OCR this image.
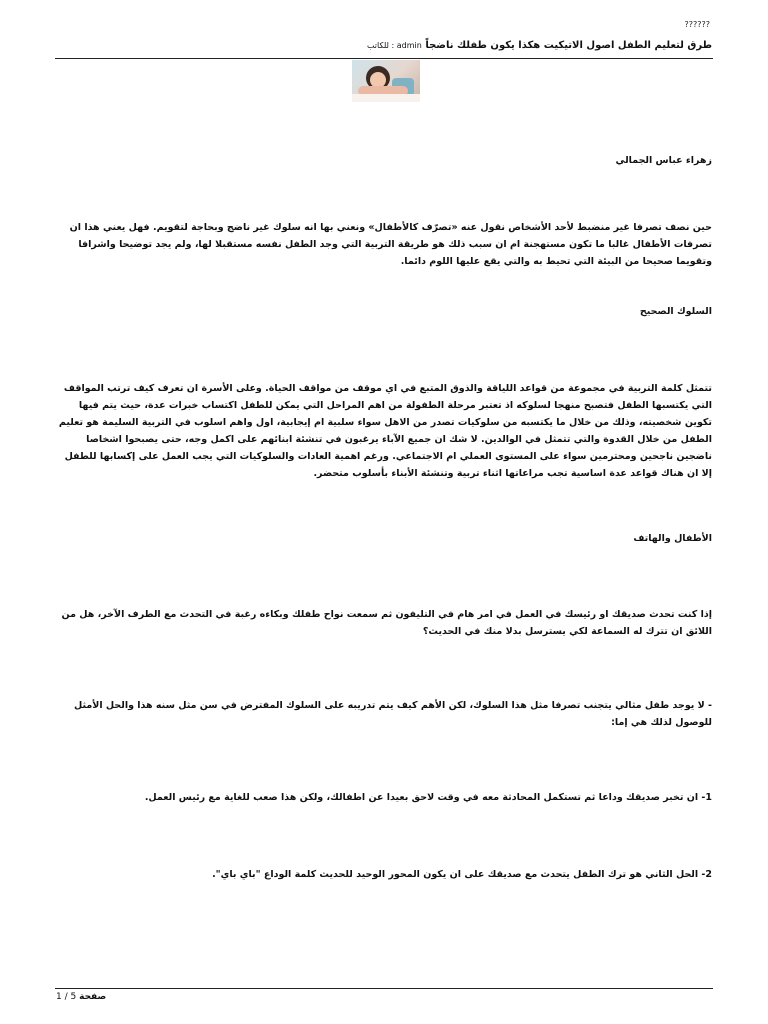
??????
طرق لتعليم الطفل اصول الاتيكيت هكذا يكون طفلك ناضجاً للكاتب : admin
زهراء عباس الجمالي
حين نصف تصرفا غير منضبط لأحد الأشخاص نقول عنه «تصرّف كالأطفال» ونعني بها انه سلوك غير ناضج وبحاجة لتقويم. فهل يعني هذا ان تصرفات الأطفال غالبا ما تكون مستهجنة ام ان سبب ذلك هو طريقة التربية التي وجد الطفل نفسه مستقبلا لها، ولم يجد توضيحا واشرافا وتقويما صحيحا من البيئة التي تحيط به والتي يقع عليها اللوم دائما.
السلوك الصحيح
تتمثل كلمة التربية في مجموعة من قواعد اللياقة والذوق المتبع في اي موقف من مواقف الحياة. وعلى الأسرة ان تعرف كيف ترتب المواقف التي يكتسبها الطفل فتصبح منهجا لسلوكه اذ تعتبر مرحلة الطفولة من اهم المراحل التي يمكن للطفل اكتساب خبرات عدة، حيث يتم فيها تكوين شخصيته، وذلك من خلال ما يكتسبه من سلوكيات تصدر من الاهل سواء سلبية ام إيجابية، اول واهم اسلوب في التربية السليمة هو تعليم الطفل من خلال القدوة والتي تتمثل في الوالدين. لا شك ان جميع الآباء يرغبون في تنشئة ابنائهم على اكمل وجه، حتى يصبحوا اشخاصا ناضجين ناجحين ومحترمين سواء على المستوى العملي ام الاجتماعي. ورغم اهمية العادات والسلوكيات التي يجب العمل على إكسابها للطفل إلا ان هناك قواعد عدة اساسية تجب مراعاتها اثناء تربية وتنشئة الأبناء بأسلوب متحضر.
الأطفال والهاتف
إذا كنت تحدث صديقك او رئيسك في العمل في امر هام في التليفون ثم سمعت نواح طفلك وبكاءه رغبة في التحدث مع الطرف الآخر، هل من اللائق ان تترك له السماعة لكي يسترسل بدلا منك في الحديث؟
- لا يوجد طفل مثالي يتجنب تصرفا مثل هذا السلوك، لكن الأهم كيف يتم تدريبه على السلوك المفترض في سن مثل سنه هذا والحل الأمثل للوصول لذلك هي إما:
1- ان تخبر صديقك وداعا ثم تستكمل المحادثة معه في وقت لاحق بعيدا عن اطفالك، ولكن هذا صعب للغاية مع رئيس العمل.
2- الحل الثاني هو ترك الطفل يتحدث مع صديقك على ان يكون المحور الوحيد للحديث كلمة الوداع "باي باي".
صفحة 5 / 1
